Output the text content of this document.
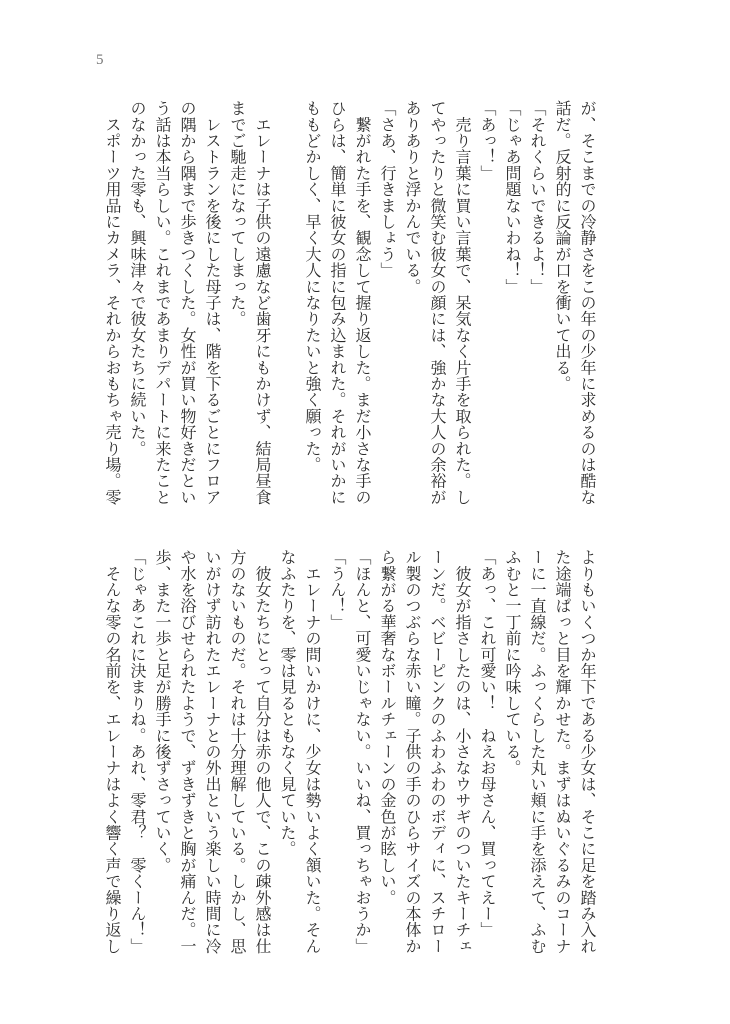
5
が、そこまでの冷静さをこの年の少年に求めるのは酷な
話だ。反射的に反論が口を衝いて出る。
「それくらいできるよ！」
「じゃあ問題ないわね！」
「あっ！」
　売り言葉に買い言葉で、呆気なく片手を取られた。し
てやったりと微笑む彼女の顔には、強かな大人の余裕が
ありありと浮かんでいる。
「さあ、行きましょう」
　繋がれた手を、観念して握り返した。まだ小さな手の
ひらは、簡単に彼女の指に包み込まれた。それがいかに
ももどかしく、早く大人になりたいと強く願った。

　エレーナは子供の遠慮など歯牙にもかけず、結局昼食
までご馳走になってしまった。
　レストランを後にした母子は、階を下るごとにフロア
の隅から隅まで歩きつくした。女性が買い物好きだとい
う話は本当らしい。これまであまりデパートに来たこと
のなかった零も、興味津々で彼女たちに続いた。
　スポーツ用品にカメラ、それからおもちゃ売り場。零
よりもいくつか年下である少女は、そこに足を踏み入れ
た途端ぱっと目を輝かせた。まずはぬいぐるみのコーナ
ーに一直線だ。ふっくらした丸い頬に手を添えて、ふむ
ふむと一丁前に吟味している。
「あっ、これ可愛い！　ねえお母さん、買ってえー」
　彼女が指さしたのは、小さなウサギのついたキーチェ
ーンだ。ベビーピンクのふわふわのボディに、スチロー
ル製のつぶらな赤い瞳。子供の手のひらサイズの本体か
ら繋がる華奢なボールチェーンの金色が眩しい。
「ほんと、可愛いじゃない。いいね、買っちゃおうか」
「うん！」
　エレーナの問いかけに、少女は勢いよく頷いた。そん
なふたりを、零は見るともなく見ていた。
　彼女たちにとって自分は赤の他人で、この疎外感は仕
方のないものだ。それは十分理解している。しかし、思
いがけず訪れたエレーナとの外出という楽しい時間に冷
や水を浴びせられたようで、ずきずきと胸が痛んだ。一
歩、また一歩と足が勝手に後ずさっていく。
「じゃあこれに決まりね。あれ、零君？　零くーん！」
　そんな零の名前を、エレーナはよく響く声で繰り返し
